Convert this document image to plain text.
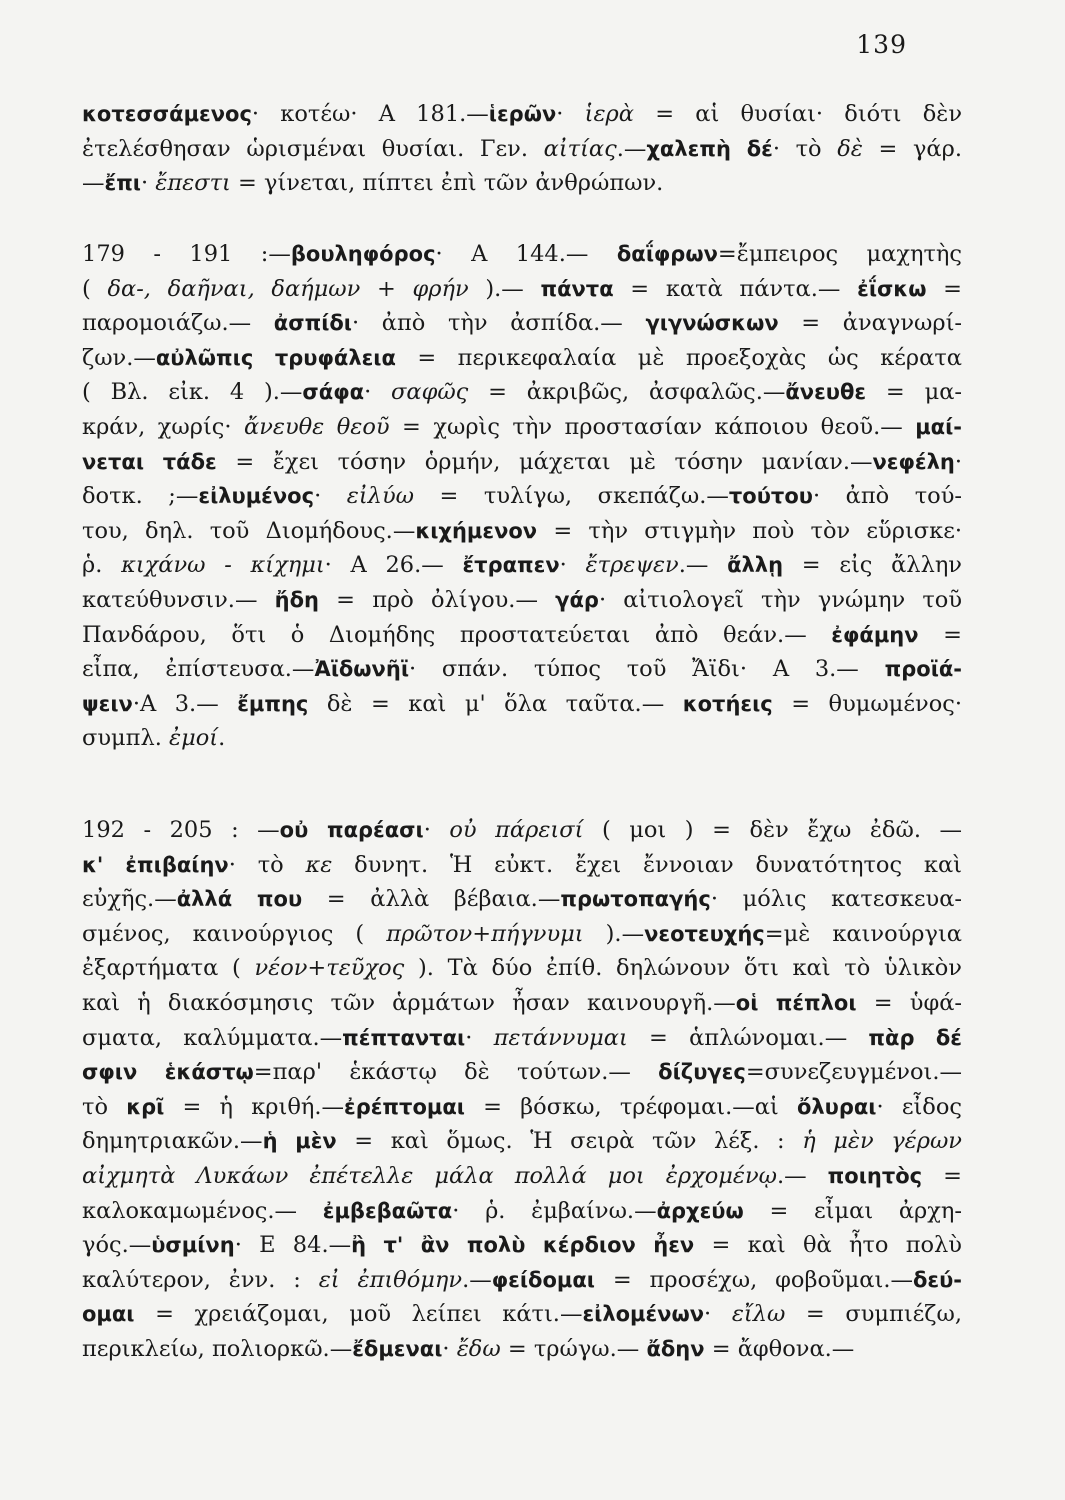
139
κοτεσσάμενος· κοτέω· Α 181.—ἱερῶν· ἱερὰ = αἱ θυσίαι· διότι δὲν
ἐτελέσθησαν ὡρισμέναι θυσίαι. Γεν. αἰτίας.—χαλεπὴ δέ· τὸ δὲ = γάρ.
—ἔπι· ἔπεστι = γίνεται, πίπτει ἐπὶ τῶν ἀνθρώπων.
179 - 191 :—βουληφόρος· Α 144.— δαΐφρων=ἔμπειρος μαχητὴς
( δα-, δαῆναι, δαήμων + φρήν ).— πάντα = κατὰ πάντα.— ἐΐσκω =
παρομοιάζω.— ἀσπίδι· ἀπὸ τὴν ἀσπίδα.— γιγνώσκων = ἀναγνωρί-
ζων.—αὐλῶπις τρυφάλεια = περικεφαλαία μὲ προεξοχὰς ὡς κέρατα
( Βλ. εἰκ. 4 ).—σάφα· σαφῶς = ἀκριβῶς, ἀσφαλῶς.—ἄνευθε = μα-
κράν, χωρίς· ἄνευθε θεοῦ = χωρὶς τὴν προστασίαν κάποιου θεοῦ.— μαί-
νεται τάδε = ἔχει τόσην ὁρμήν, μάχεται μὲ τόσην μανίαν.—νεφέλη·
δοτκ. ;—εἰλυμένος· εἰλύω = τυλίγω, σκεπάζω.—τούτου· ἀπὸ τού-
του, δηλ. τοῦ Διομήδους.—κιχήμενον = τὴν στιγμὴν ποὺ τὸν εὕρισκε·
ῥ. κιχάνω - κίχημι· Α 26.— ἔτραπεν· ἔτρεψεν.— ἄλλῃ = εἰς ἄλλην
κατεύθυνσιν.— ἤδη = πρὸ ὀλίγου.— γάρ· αἰτιολογεῖ τὴν γνώμην τοῦ
Πανδάρου, ὅτι ὁ Διομήδης προστατεύεται ἀπὸ θεάν.— ἐφάμην =
εἶπα, ἐπίστευσα.—Ἀϊδωνῆϊ· σπάν. τύπος τοῦ Ἄϊδι· Α 3.— προϊά-
ψειν·Α 3.— ἔμπης δὲ = καὶ μ' ὅλα ταῦτα.— κοτήεις = θυμωμένος·
συμπλ. ἐμοί.
192 - 205 : —οὐ παρέασι· οὐ πάρεισί ( μοι ) = δὲν ἔχω ἐδῶ. —
κ' ἐπιβαίην· τὸ κε δυνητ. Ἡ εὐκτ. ἔχει ἔννοιαν δυνατότητος καὶ
εὐχῆς.—ἀλλά που = ἀλλὰ βέβαια.—πρωτοπαγής· μόλις κατεσκευα-
σμένος, καινούργιος ( πρῶτον+πήγνυμι ).—νεοτευχής=μὲ καινούργια
ἐξαρτήματα ( νέον+τεῦχος ). Τὰ δύο ἐπίθ. δηλώνουν ὅτι καὶ τὸ ὑλικὸν
καὶ ἡ διακόσμησις τῶν ἁρμάτων ἦσαν καινουργῆ.—οἱ πέπλοι = ὑφά-
σματα, καλύμματα.—πέπτανται· πετάννυμαι = ἁπλώνομαι.— πὰρ δέ
σφιν ἑκάστῳ=παρ' ἑκάστῳ δὲ τούτων.— δίζυγες=συνεζευγμένοι.—
τὸ κρῖ = ἡ κριθή.—ἐρέπτομαι = βόσκω, τρέφομαι.—αἱ ὄλυραι· εἶδος
δημητριακῶν.—ἡ μὲν = καὶ ὅμως. Ἡ σειρὰ τῶν λέξ. : ἡ μὲν γέρων
αἰχμητὰ Λυκάων ἐπέτελλε μάλα πολλά μοι ἐρχομένῳ.— ποιητὸς =
καλοκαμωμένος.— ἐμβεβαῶτα· ῥ. ἐμβαίνω.—ἀρχεύω = εἶμαι ἀρχη-
γός.—ὑσμίνη· Ε 84.—ἢ τ' ἂν πολὺ κέρδιον ἦεν = καὶ θὰ ἦτο πολὺ
καλύτερον, ἐνν. : εἰ ἐπιθόμην.—φείδομαι = προσέχω, φοβοῦμαι.—δεύ-
ομαι = χρειάζομαι, μοῦ λείπει κάτι.—εἰλομένων· εἴλω = συμπιέζω,
περικλείω, πολιορκῶ.—ἔδμεναι· ἔδω = τρώγω.— ἄδην = ἄφθονα.—
